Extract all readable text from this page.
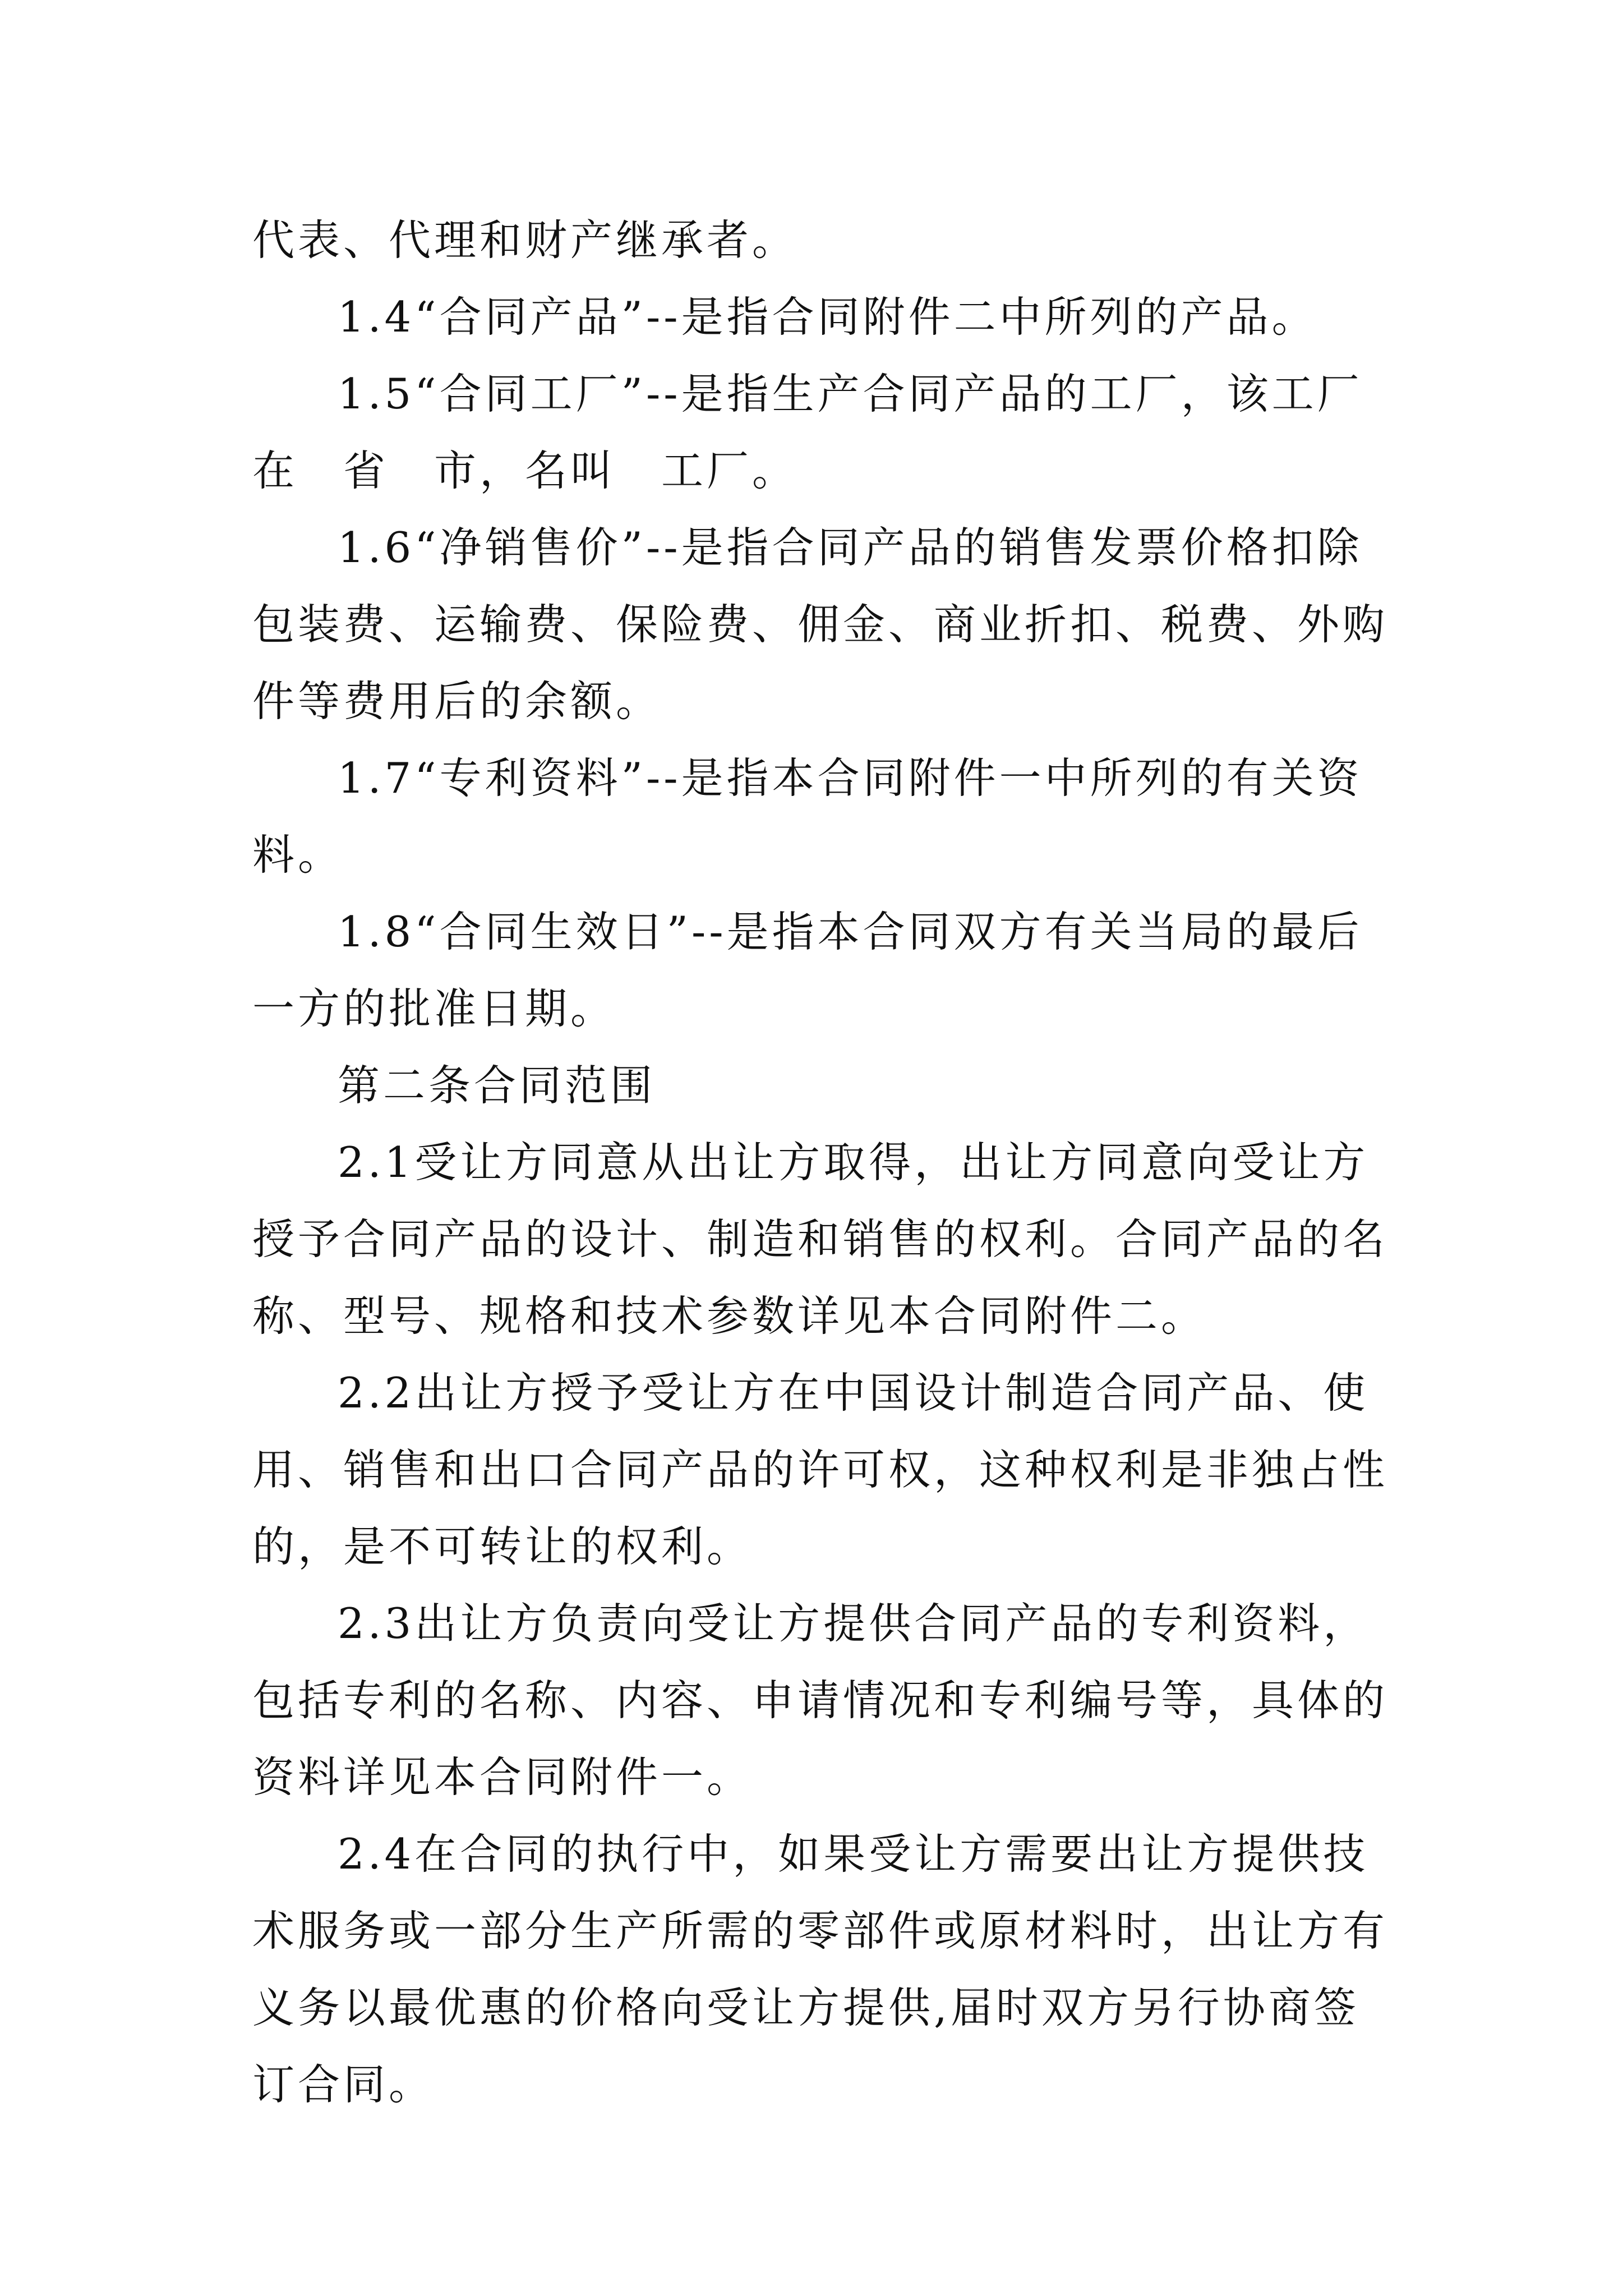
代表、代理和财产继承者。

1.4“合同产品”--是指合同附件二中所列的产品。

1.5“合同工厂”--是指生产合同产品的工厂，该工厂在　省　市，名叫　工厂。

1.6“净销售价”--是指合同产品的销售发票价格扣除包装费、运输费、保险费、佣金、商业折扣、税费、外购件等费用后的余额。

1.7“专利资料”--是指本合同附件一中所列的有关资料。

1.8“合同生效日”--是指本合同双方有关当局的最后一方的批准日期。

第二条合同范围

2.1受让方同意从出让方取得，出让方同意向受让方授予合同产品的设计、制造和销售的权利。合同产品的名称、型号、规格和技术参数详见本合同附件二。

2.2出让方授予受让方在中国设计制造合同产品、使用、销售和出口合同产品的许可权，这种权利是非独占性的，是不可转让的权利。

2.3出让方负责向受让方提供合同产品的专利资料，包括专利的名称、内容、申请情况和专利编号等，具体的资料详见本合同附件一。

2.4在合同的执行中，如果受让方需要出让方提供技术服务或一部分生产所需的零部件或原材料时，出让方有义务以最优惠的价格向受让方提供,届时双方另行协商签订合同。
